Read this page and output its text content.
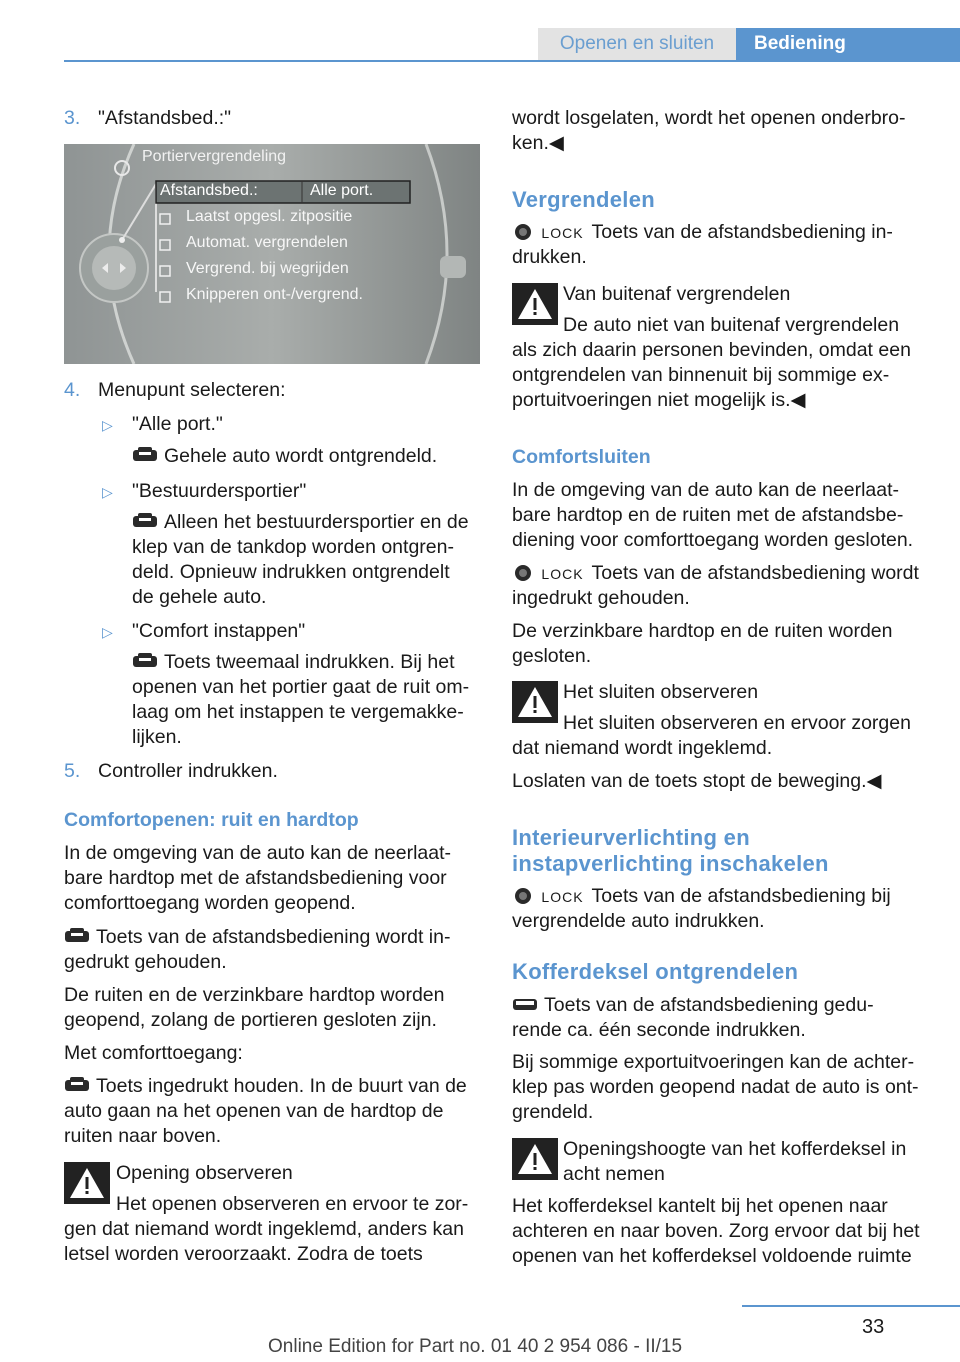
Openen en sluiten	Bediening
3. "Afstandsbed.:"
Portiervergrendeling
Afstandsbed.:	Alle port.
Laatst opgesl. zitpositie
Automat. vergrendelen
Vergrend. bij wegrijden
Knipperen ont-/vergrend.
4. Menupunt selecteren:
▷ "Alle port."
Gehele auto wordt ontgrendeld.
▷ "Bestuurdersportier"
Alleen het bestuurdersportier en de
klep van de tankdop worden ontgren‐
deld. Opnieuw indrukken ontgrendelt
de gehele auto.
▷ "Comfort instappen"
Toets tweemaal indrukken. Bij het
openen van het portier gaat de ruit om‐
laag om het instappen te vergemakke‐
lijken.
5. Controller indrukken.
Comfortopenen: ruit en hardtop
In de omgeving van de auto kan de neerlaat‐
bare hardtop met de afstandsbediening voor
comforttoegang worden geopend.
Toets van de afstandsbediening wordt in‐
gedrukt gehouden.
De ruiten en de verzinkbare hardtop worden
geopend, zolang de portieren gesloten zijn.
Met comforttoegang:
Toets ingedrukt houden. In de buurt van de
auto gaan na het openen van de hardtop de
ruiten naar boven.
Opening observeren
Het openen observeren en ervoor te zor‐
gen dat niemand wordt ingeklemd, anders kan
letsel worden veroorzaakt. Zodra de toets
wordt losgelaten, wordt het openen onderbro‐
ken.◀
Vergrendelen
LOCK Toets van de afstandsbediening in‐
drukken.
Van buitenaf vergrendelen
De auto niet van buitenaf vergrendelen
als zich daarin personen bevinden, omdat een
ontgrendelen van binnenuit bij sommige ex‐
portuitvoeringen niet mogelijk is.◀
Comfortsluiten
In de omgeving van de auto kan de neerlaat‐
bare hardtop en de ruiten met de afstandsbe‐
diening voor comforttoegang worden gesloten.
LOCK Toets van de afstandsbediening wordt
ingedrukt gehouden.
De verzinkbare hardtop en de ruiten worden
gesloten.
Het sluiten observeren
Het sluiten observeren en ervoor zorgen
dat niemand wordt ingeklemd.
Loslaten van de toets stopt de beweging.◀
Interieurverlichting en
instapverlichting inschakelen
LOCK Toets van de afstandsbediening bij
vergrendelde auto indrukken.
Kofferdeksel ontgrendelen
Toets van de afstandsbediening gedu‐
rende ca. één seconde indrukken.
Bij sommige exportuitvoeringen kan de achter‐
klep pas worden geopend nadat de auto is ont‐
grendeld.
Openingshoogte van het kofferdeksel in
acht nemen
Het kofferdeksel kantelt bij het openen naar
achteren en naar boven. Zorg ervoor dat bij het
openen van het kofferdeksel voldoende ruimte
33
Online Edition for Part no. 01 40 2 954 086 - II/15
